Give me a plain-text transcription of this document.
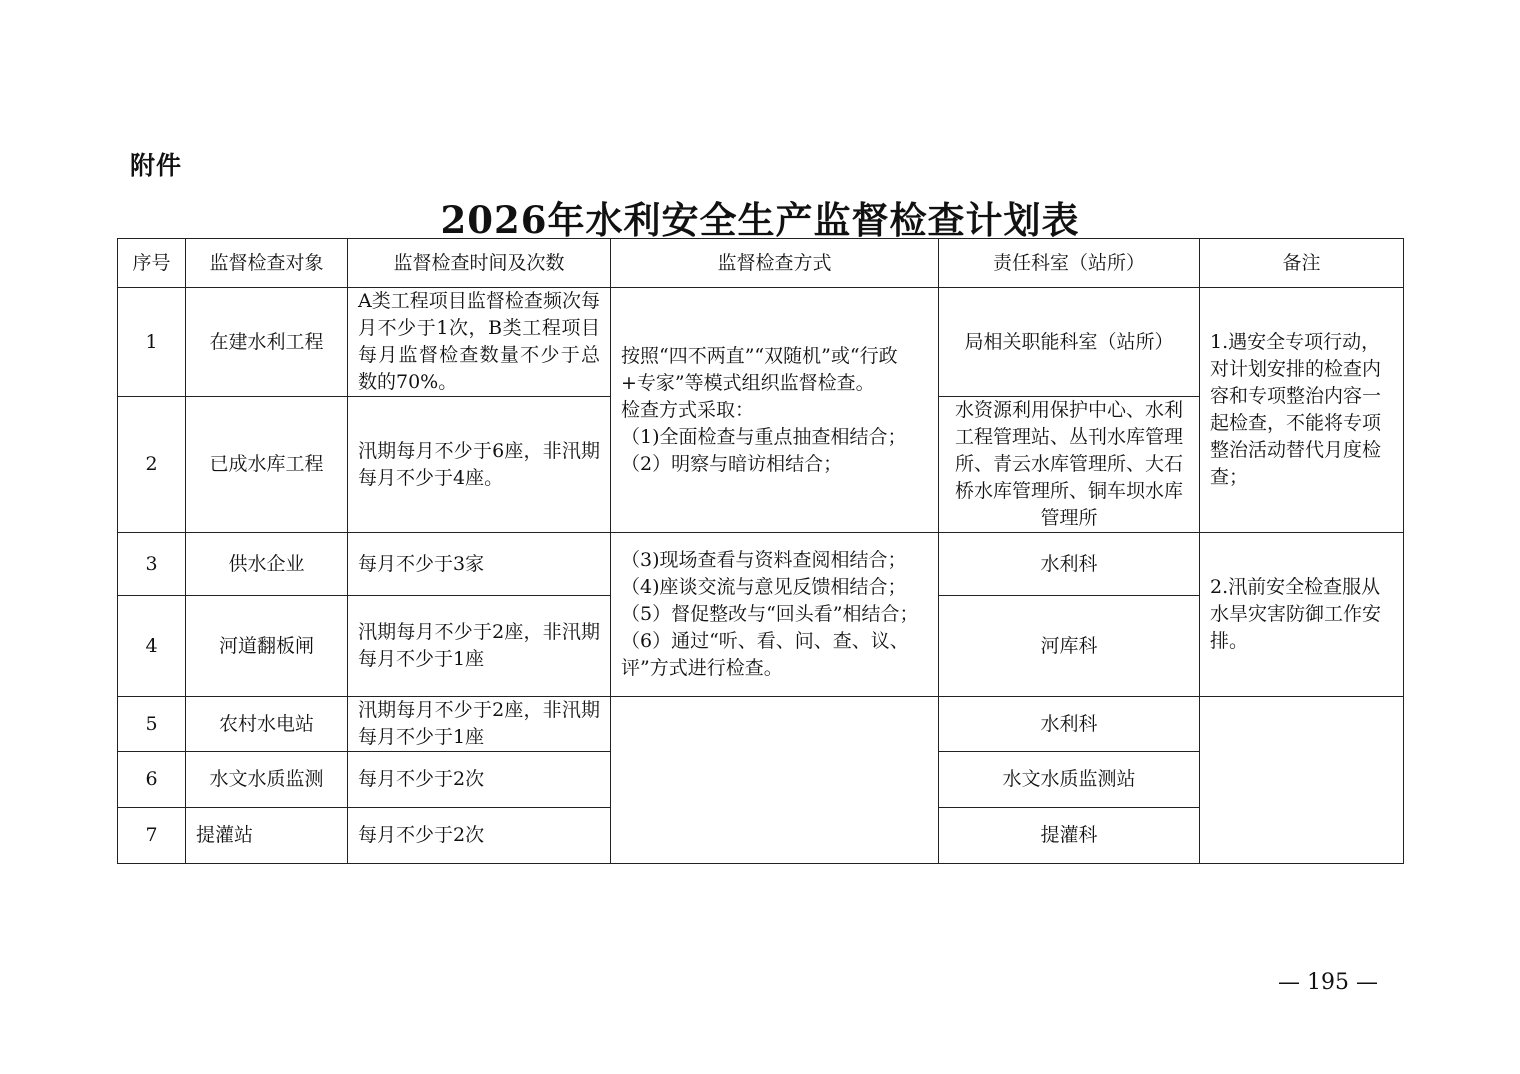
附件
2026年水利安全生产监督检查计划表
序号	监督检查对象	监督检查时间及次数	监督检查方式	责任科室（站所）	备注
1	在建水利工程	A类工程项目监督检查频次每月不少于1次，B类工程项目每月监督检查数量不少于总数的70%。	按照“四不两直”“双随机”或“行政+专家”等模式组织监督检查。
检查方式采取：
（1)全面检查与重点抽查相结合；
（2）明察与暗访相结合；	局相关职能科室（站所）	1.遇安全专项行动，对计划安排的检查内容和专项整治内容一起检查，不能将专项整治活动替代月度检查；
2	已成水库工程	汛期每月不少于6座，非汛期每月不少于4座。		水资源利用保护中心、水利工程管理站、丛刊水库管理所、青云水库管理所、大石桥水库管理所、铜车坝水库管理所	
3	供水企业	每月不少于3家	（3)现场查看与资料查阅相结合；
（4)座谈交流与意见反馈相结合；
（5）督促整改与“回头看”相结合；
（6）通过“听、看、问、查、议、评”方式进行检查。	水利科	2.汛前安全检查服从水旱灾害防御工作安排。
4	河道翻板闸	汛期每月不少于2座，非汛期每月不少于1座		河库科	
5	农村水电站	汛期每月不少于2座，非汛期每月不少于1座		水利科	
6	水文水质监测	每月不少于2次		水文水质监测站	
7	提灌站	每月不少于2次		提灌科	
— 195 —
